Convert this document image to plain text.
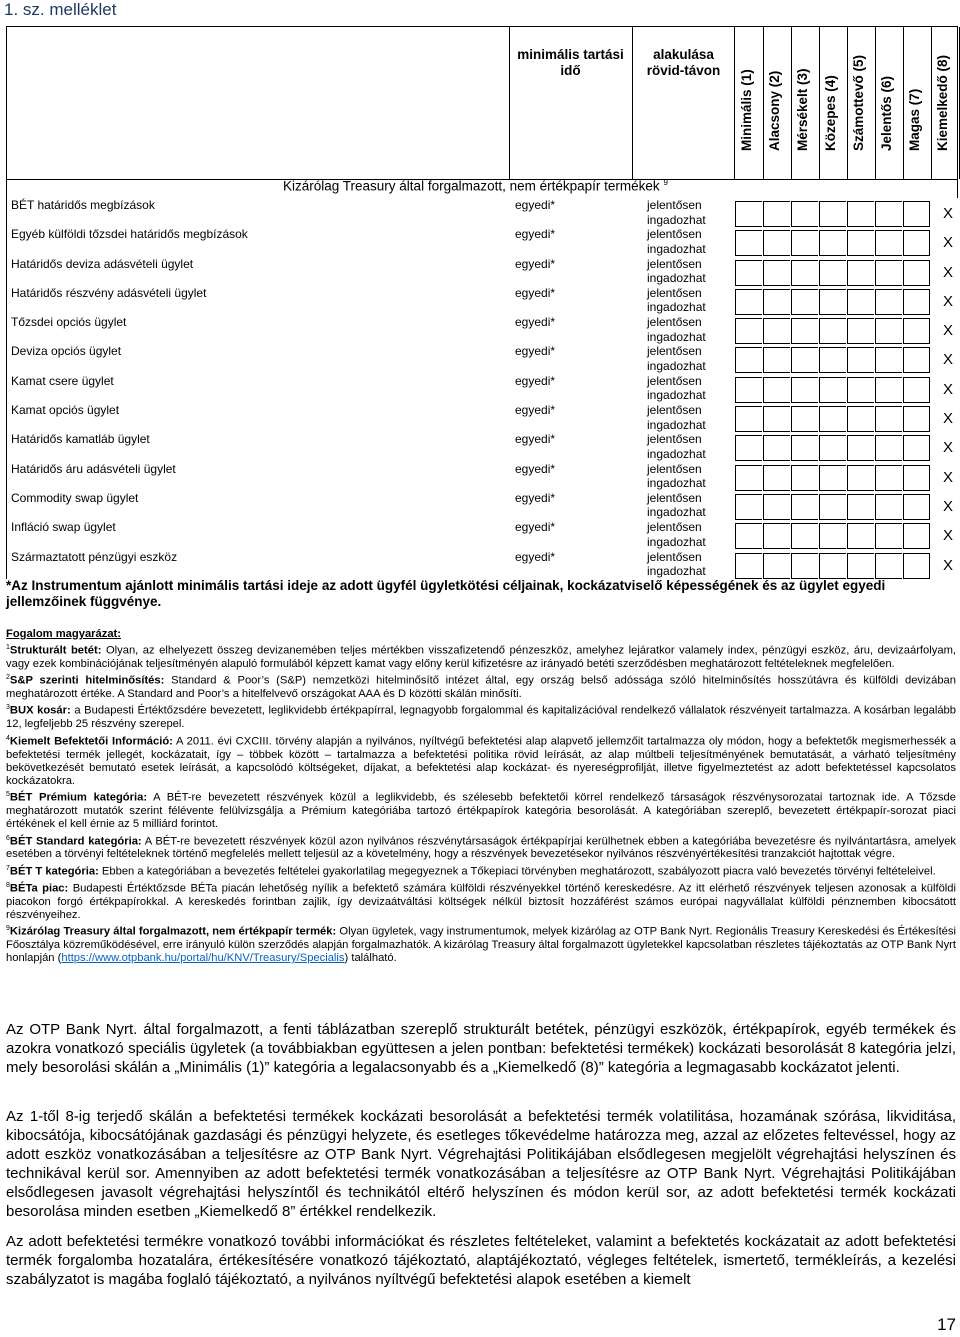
1. sz. melléklet
minimális tartási idő
alakulása rövid-távon	Minimális (1) Alacsony (2) Mérsékelt (3) Közepes (4) Számottevő (5) Jelentős (6) Magas (7) Kiemelkedő (8)
Kizárólag Treasury által forgalmazott, nem értékpapír termékek $^9$
BÉT határidős megbízások	egyedi*	jelentősen ingadozhat	X
Egyéb külföldi tőzsdei határidős megbízások	egyedi*	jelentősen ingadozhat	X
Határidős deviza adásvételi ügylet	egyedi*	jelentősen ingadozhat	X
Határidős részvény adásvételi ügylet	egyedi*	jelentősen ingadozhat	X
Tőzsdei opciós ügylet	egyedi*	jelentősen ingadozhat	X
Deviza opciós ügylet	egyedi*	jelentősen ingadozhat	X
Kamat csere ügylet	egyedi*	jelentősen ingadozhat	X
Kamat opciós ügylet	egyedi*	jelentősen ingadozhat	X
Határidős kamatláb ügylet	egyedi*	jelentősen ingadozhat	X
Határidős áru adásvételi ügylet	egyedi*	jelentősen ingadozhat	X
Commodity swap ügylet	egyedi*	jelentősen ingadozhat	X
Infláció swap ügylet	egyedi*	jelentősen ingadozhat	X
Származtatott pénzügyi eszköz	egyedi*	jelentősen ingadozhat	X
*Az Instrumentum ajánlott minimális tartási ideje az adott ügyfél ügyletkötési céljainak, kockázatviselő képességének és az ügylet egyedi jellemzőinek függvénye.
Fogalom magyarázat:

$^1$Strukturált betét: Olyan, az elhelyezett összeg devizanemében teljes mértékben visszafizetendő pénzeszköz, amelyhez lejáratkor valamely index, pénzügyi eszköz, áru, devizaárfolyam, vagy ezek kombinációjának teljesítményén alapuló formulából képzett kamat vagy előny kerül kifizetésre az irányadó betéti szerződésben meghatározott feltételeknek megfelelően.

$^2$S&P szerinti hitelminősítés: Standard & Poor’s (S&P) nemzetközi hitelminősítő intézet által, egy ország belső adóssága szóló hitelminősítés hosszútávra és külföldi devizában meghatározott értéke. A Standard and Poor’s a hitelfelvevő országokat AAA és D közötti skálán minősíti.

$^3$BUX kosár: a Budapesti Értéktőzsdére bevezetett, leglikvidebb értékpapírral, legnagyobb forgalommal és kapitalizációval rendelkező vállalatok részvényeit tartalmazza. A kosárban legalább 12, legfeljebb 25 részvény szerepel.

$^4$Kiemelt Befektetői Információ: A 2011. évi CXCIII. törvény alapján a nyilvános, nyíltvégű befektetési alap alapvető jellemzőit tartalmazza oly módon, hogy a befektetők megismerhessék a befektetési termék jellegét, kockázatait, így – többek között – tartalmazza a befektetési politika rövid leírását, az alap múltbeli teljesítményének bemutatását, a várható teljesítmény bekövetkezését bemutató esetek leírását, a kapcsolódó költségeket, díjakat, a befektetési alap kockázat- és nyereségprofilját, illetve figyelmeztetést az adott befektetéssel kapcsolatos kockázatokra.

$^5$BÉT Prémium kategória: A BÉT-re bevezetett részvények közül a leglikvidebb, és szélesebb befektetői körrel rendelkező társaságok részvénysorozatai tartoznak ide. A Tőzsde meghatározott mutatók szerint félévente felülvizsgálja a Prémium kategóriába tartozó értékpapírok kategória besorolását. A kategóriában szereplő, bevezetett értékpapír-sorozat piaci értékének el kell érnie az 5 milliárd forintot.

$^6$BÉT Standard kategória: A BÉT-re bevezetett részvények közül azon nyilvános részvénytársaságok értékpapírjai kerülhetnek ebben a kategóriába bevezetésre és nyilvántartásra, amelyek esetében a törvényi feltételeknek történő megfelelés mellett teljesül az a követelmény, hogy a részvények bevezetésekor nyilvános részvényértékesítési tranzakciót hajtottak végre.

$^7$BÉT T kategória: Ebben a kategóriában a bevezetés feltételei gyakorlatilag megegyeznek a Tőkepiaci törvényben meghatározott, szabályozott piacra való bevezetés törvényi feltételeivel.

$^8$BÉTa piac: Budapesti Értéktőzsde BÉTa piacán lehetőség nyílik a befektető számára külföldi részvényekkel történő kereskedésre. Az itt elérhető részvények teljesen azonosak a külföldi piacokon forgó értékpapírokkal. A kereskedés forintban zajlik, így devizaátváltási költségek nélkül biztosít hozzáférést számos európai nagyvállalat külföldi pénznemben kibocsátott részvényeihez.

$^9$Kizárólag Treasury által forgalmazott, nem értékpapír termék: Olyan ügyletek, vagy instrumentumok, melyek kizárólag az OTP Bank Nyrt. Regionális Treasury Kereskedési és Értékesítési Főosztálya közreműködésével, erre irányuló külön szerződés alapján forgalmazhatók. A kizárólag Treasury által forgalmazott ügyletekkel kapcsolatban részletes tájékoztatás az OTP Bank Nyrt honlapján (https://www.otpbank.hu/portal/hu/KNV/Treasury/Specialis) található.

Az OTP Bank Nyrt. által forgalmazott, a fenti táblázatban szereplő strukturált betétek, pénzügyi eszközök, értékpapírok, egyéb termékek és azokra vonatkozó speciális ügyletek (a továbbiakban együttesen a jelen pontban: befektetési termékek) kockázati besorolását 8 kategória jelzi, mely besorolási skálán a „Minimális (1)” kategória a legalacsonyabb és a „Kiemelkedő (8)” kategória a legmagasabb kockázatot jelenti.
Az 1-től 8-ig terjedő skálán a befektetési termékek kockázati besorolását a befektetési termék volatilitása, hozamának szórása, likviditása, kibocsátója, kibocsátójának gazdasági és pénzügyi helyzete, és esetleges tőkevédelme határozza meg, azzal az előzetes feltevéssel, hogy az adott eszköz vonatkozásában a teljesítésre az OTP Bank Nyrt. Végrehajtási Politikájában elsődlegesen megjelölt végrehajtási helyszínen és technikával kerül sor. Amennyiben az adott befektetési termék vonatkozásában a teljesítésre az OTP Bank Nyrt. Végrehajtási Politikájában elsődlegesen javasolt végrehajtási helyszíntől és technikától eltérő helyszínen és módon kerül sor, az adott befektetési termék kockázati besorolása minden esetben „Kiemelkedő 8” értékkel rendelkezik.
Az adott befektetési termékre vonatkozó további információkat és részletes feltételeket, valamint a befektetés kockázatait az adott befektetési termék forgalomba hozatalára, értékesítésére vonatkozó tájékoztató, alaptájékoztató, végleges feltételek, ismertető, termékleírás, a kezelési szabályzatot is magába foglaló tájékoztató, a nyilvános nyíltvégű befektetési alapok esetében a kiemelt
17
